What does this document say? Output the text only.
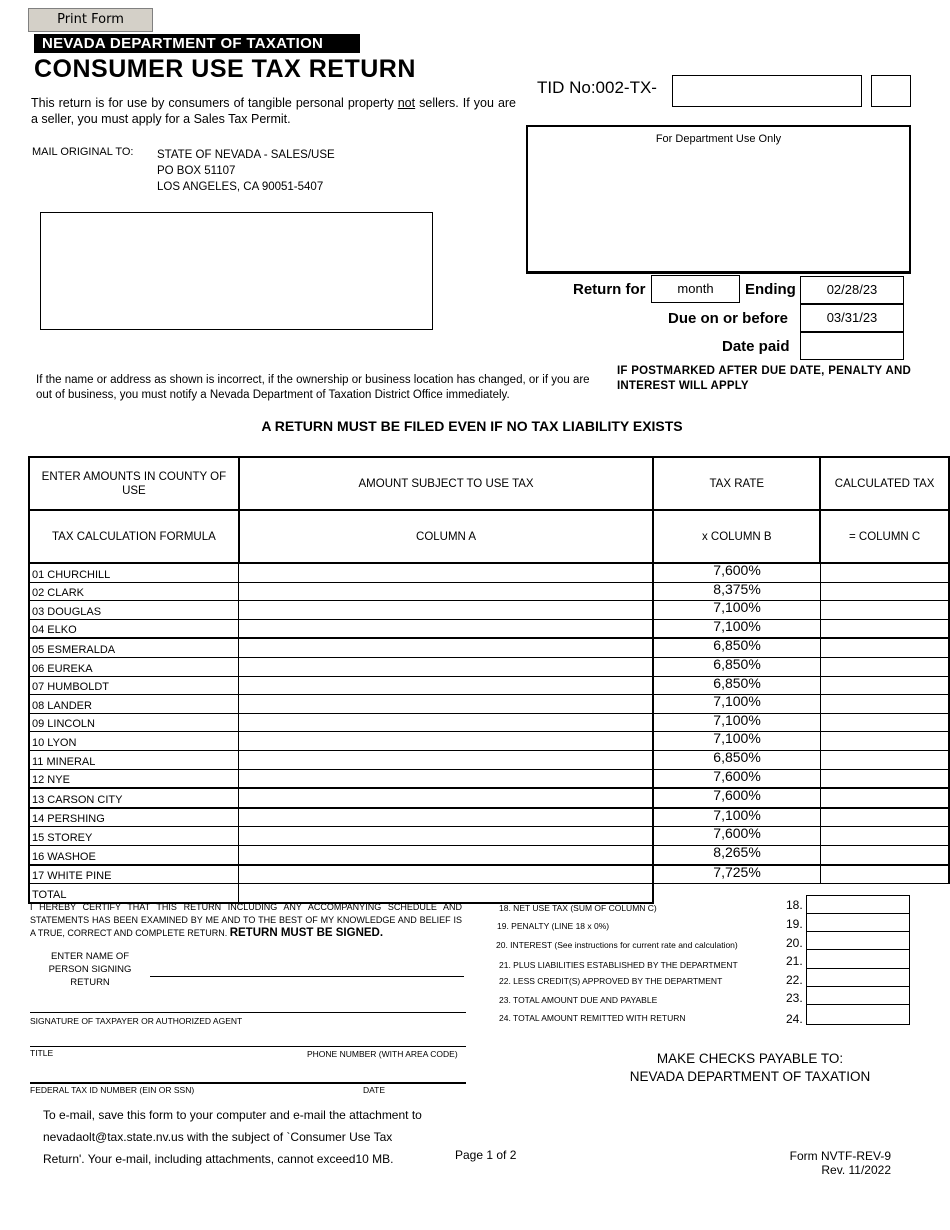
Print Form
NEVADA DEPARTMENT OF TAXATION
CONSUMER USE TAX RETURN
This return is for use by consumers of tangible personal property not sellers. If you are a seller, you must apply for a Sales Tax Permit.
MAIL ORIGINAL TO: STATE OF NEVADA - SALES/USE
PO BOX 51107
LOS ANGELES, CA 90051-5407
TID No:002-TX-
For Department Use Only
Return for	month	Ending	02/28/23
Due on or before	03/31/23
Date paid
If the name or address as shown is incorrect, if the ownership or business location has changed, or if you are out of business, you must notify a Nevada Department of Taxation District Office immediately.
IF POSTMARKED AFTER DUE DATE, PENALTY AND INTEREST WILL APPLY
A RETURN MUST BE FILED EVEN IF NO TAX LIABILITY EXISTS
ENTER AMOUNTS IN COUNTY OF USE	AMOUNT SUBJECT TO USE TAX	TAX RATE	CALCULATED TAX
TAX CALCULATION FORMULA	COLUMN A	x COLUMN B	= COLUMN C
01 CHURCHILL		7,600%	
02 CLARK		8,375%	
03 DOUGLAS		7,100%	
04 ELKO		7,100%	
05 ESMERALDA		6,850%	
06 EUREKA		6,850%	
07 HUMBOLDT		6,850%	
08 LANDER		7,100%	
09 LINCOLN		7,100%	
10 LYON		7,100%	
11 MINERAL		6,850%	
12 NYE		7,600%	
13 CARSON CITY		7,600%	
14 PERSHING		7,100%	
15 STOREY		7,600%	
16 WASHOE		8,265%	
17 WHITE PINE		7,725%	
TOTAL			
I HEREBY CERTIFY THAT THIS RETURN INCLUDING ANY ACCOMPANYING SCHEDULE AND STATEMENTS HAS BEEN EXAMINED BY ME AND TO THE BEST OF MY KNOWLEDGE AND BELIEF IS A TRUE, CORRECT AND COMPLETE RETURN. RETURN MUST BE SIGNED.
ENTER NAME OF PERSON SIGNING RETURN
SIGNATURE OF TAXPAYER OR AUTHORIZED AGENT
TITLE	PHONE NUMBER (WITH AREA CODE)
FEDERAL TAX ID NUMBER (EIN OR SSN)	DATE
18. NET USE TAX (SUM OF COLUMN C)
19. PENALTY (LINE 18 x 0%)
20. INTEREST (See instructions for current rate and calculation)
21. PLUS LIABILITIES ESTABLISHED BY THE DEPARTMENT
22. LESS CREDIT(S) APPROVED BY THE DEPARTMENT
23. TOTAL AMOUNT DUE AND PAYABLE
24. TOTAL AMOUNT REMITTED WITH RETURN
18.
19.
20.
21.
22.
23.
24.
MAKE CHECKS PAYABLE TO:
NEVADA DEPARTMENT OF TAXATION
To e-mail, save this form to your computer and e-mail the attachment to nevadaolt@tax.state.nv.us with the subject of `Consumer Use Tax Return'. Your e-mail, including attachments, cannot exceed10 MB.	Page 1 of 2	Form NVTF-REV-9
Rev. 11/2022
